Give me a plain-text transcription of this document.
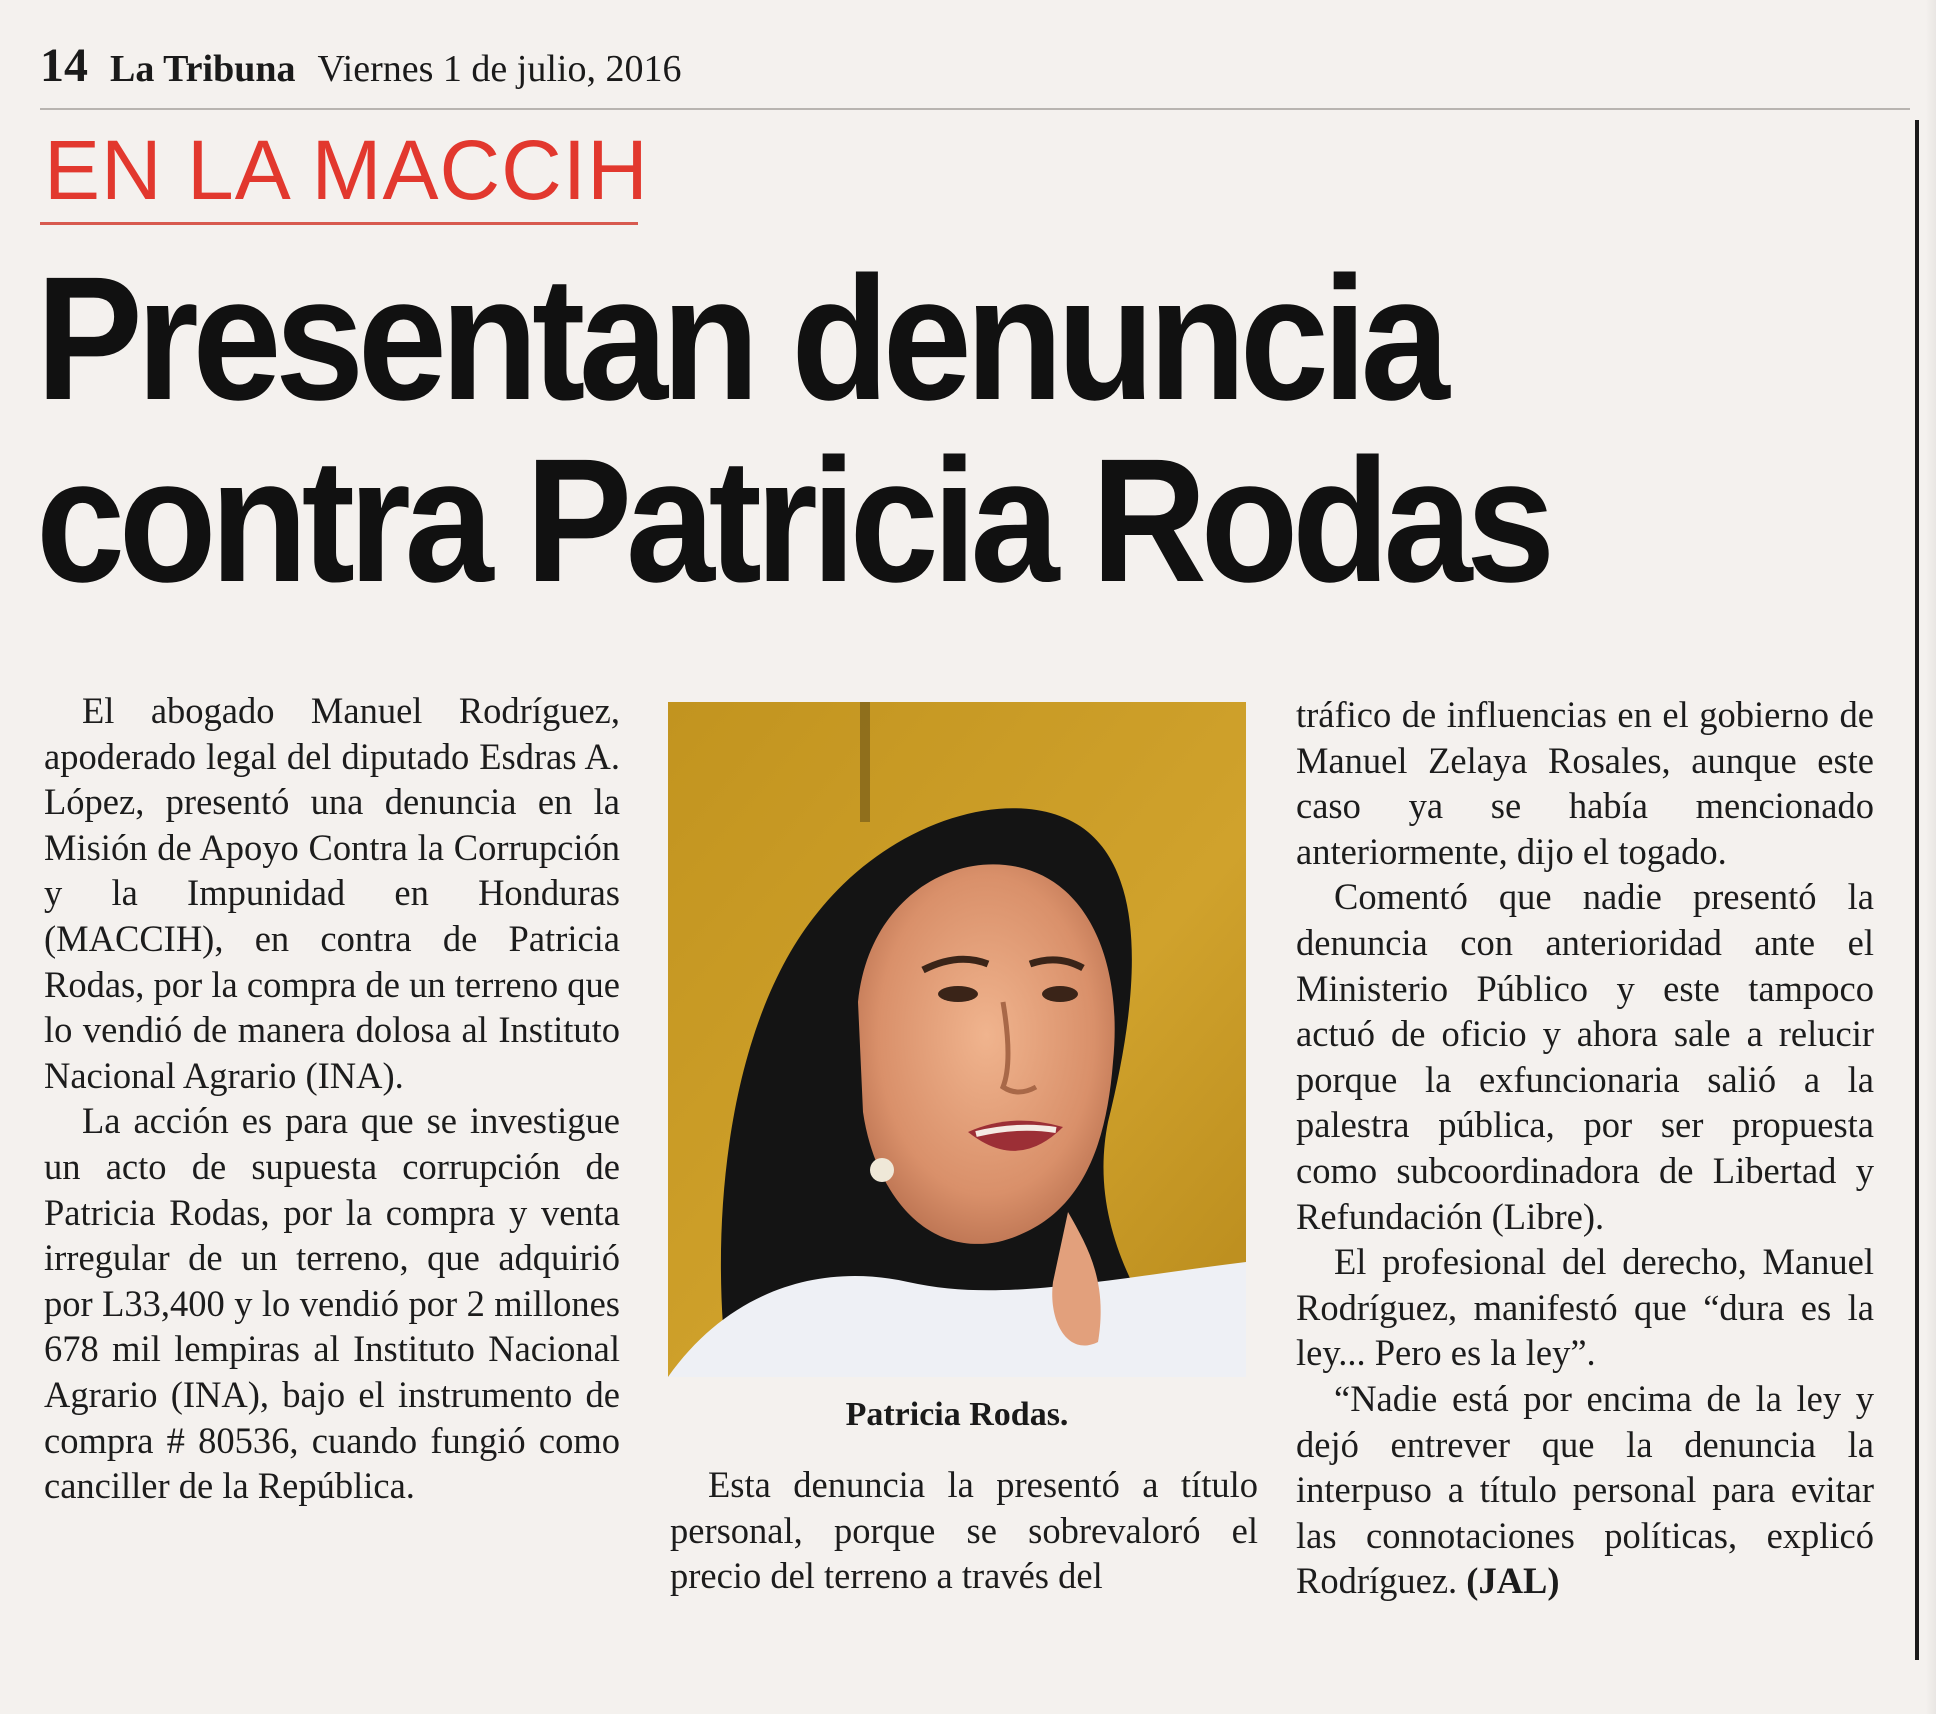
14 La Tribuna Viernes 1 de julio, 2016
EN LA MACCIH
Presentan denuncia
contra Patricia Rodas

El abogado Manuel Rodríguez, apoderado legal del diputado Esdras A. López, presentó una denuncia en la Misión de Apoyo Contra la Corrupción y la Impunidad en Honduras (MACCIH), en contra de Patricia Rodas, por la compra de un terreno que lo vendió de manera dolosa al Instituto Nacional Agrario (INA).

La acción es para que se investigue un acto de supuesta corrupción de Patricia Rodas, por la compra y venta irregular de un terreno, que adquirió por L33,400 y lo vendió por 2 millones 678 mil lempiras al Instituto Nacional Agrario (INA), bajo el instrumento de compra # 80536, cuando fungió como canciller de la República.

Patricia Rodas.

Esta denuncia la presentó a título personal, porque se sobrevaloró el precio del terreno a través del

tráfico de influencias en el gobierno de Manuel Zelaya Rosales, aunque este caso ya se había mencionado anteriormente, dijo el togado.

Comentó que nadie presentó la denuncia con anterioridad ante el Ministerio Público y este tampoco actuó de oficio y ahora sale a relucir porque la exfuncionaria salió a la palestra pública, por ser propuesta como subcoordinadora de Libertad y Refundación (Libre).

El profesional del derecho, Manuel Rodríguez, manifestó que “dura es la ley... Pero es la ley”.

“Nadie está por encima de la ley y dejó entrever que la denuncia la interpuso a título personal para evitar las connotaciones políticas, explicó Rodríguez. (JAL)
